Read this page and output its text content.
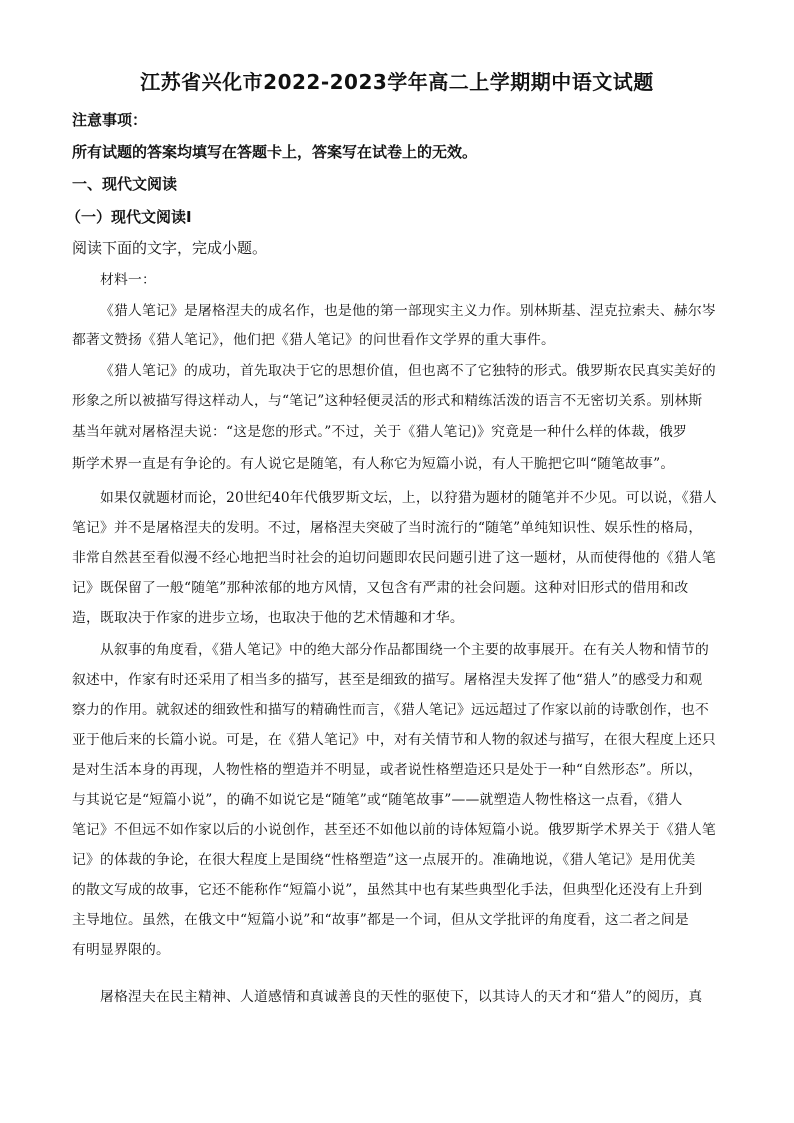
江苏省兴化市2022-2023学年高二上学期期中语文试题
注意事项：
所有试题的答案均填写在答题卡上，答案写在试卷上的无效。
一、现代文阅读
（一）现代文阅读Ⅰ
阅读下面的文字，完成小题。
材料一：
《猎人笔记》是屠格涅夫的成名作，也是他的第一部现实主义力作。别林斯基、涅克拉索夫、赫尔岑
都著文赞扬《猎人笔记》，他们把《猎人笔记》的问世看作文学界的重大事件。
《猎人笔记》的成功，首先取决于它的思想价值，但也离不了它独特的形式。俄罗斯农民真实美好的
形象之所以被描写得这样动人，与“笔记”这种轻便灵活的形式和精练活泼的语言不无密切关系。别林斯
基当年就对屠格涅夫说：“这是您的形式。”不过，关于《猎人笔记)》究竟是一种什么样的体裁，俄罗
斯学术界一直是有争论的。有人说它是随笔，有人称它为短篇小说，有人干脆把它叫“随笔故事”。
如果仅就题材而论，20世纪40年代俄罗斯文坛，上，以狩猎为题材的随笔并不少见。可以说，《猎人
笔记》并不是屠格涅夫的发明。不过，屠格涅夫突破了当时流行的“随笔”单纯知识性、娱乐性的格局，
非常自然甚至看似漫不经心地把当时社会的迫切问题即农民问题引进了这一题材，从而使得他的《猎人笔
记》既保留了一般“随笔”那种浓郁的地方风情，又包含有严肃的社会问题。这种对旧形式的借用和改
造，既取决于作家的进步立场，也取决于他的艺术情趣和才华。
从叙事的角度看，《猎人笔记》中的绝大部分作品都围绕一个主要的故事展开。在有关人物和情节的
叙述中，作家有时还采用了相当多的描写，甚至是细致的描写。屠格涅夫发挥了他“猎人”的感受力和观
察力的作用。就叙述的细致性和描写的精确性而言，《猎人笔记》远远超过了作家以前的诗歌创作，也不
亚于他后来的长篇小说。可是，在《猎人笔记》中，对有关情节和人物的叙述与描写，在很大程度上还只
是对生活本身的再现，人物性格的塑造并不明显，或者说性格塑造还只是处于一种“自然形态”。所以，
与其说它是“短篇小说”，的确不如说它是“随笔”或“随笔故事”——就塑造人物性格这一点看，《猎人
笔记》不但远不如作家以后的小说创作，甚至还不如他以前的诗体短篇小说。俄罗斯学术界关于《猎人笔
记》的体裁的争论，在很大程度上是围绕“性格塑造”这一点展开的。准确地说，《猎人笔记》是用优美
的散文写成的故事，它还不能称作“短篇小说”，虽然其中也有某些典型化手法，但典型化还没有上升到
主导地位。虽然，在俄文中“短篇小说”和“故事”都是一个词，但从文学批评的角度看，这二者之间是
有明显界限的。
屠格涅夫在民主精神、人道感情和真诚善良的天性的驱使下，以其诗人的天才和“猎人”的阅历，真
